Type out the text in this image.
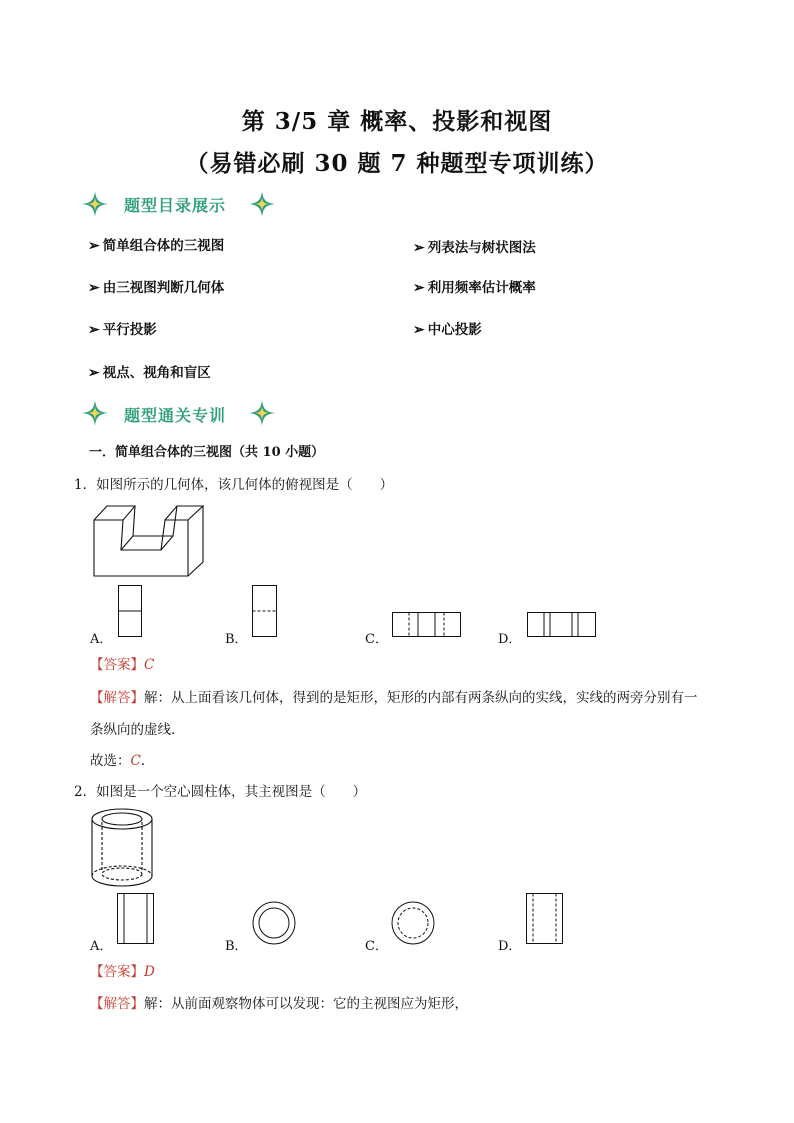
第 3/5 章 概率、投影和视图
（易错必刷 30 题 7 种题型专项训练）
题型目录展示
➢ 简单组合体的三视图	➢ 列表法与树状图法
➢ 由三视图判断几何体	➢ 利用频率估计概率
➢ 平行投影	➢ 中心投影
➢ 视点、视角和盲区
题型通关专训
一．简单组合体的三视图（共 10 小题）
1．如图所示的几何体，该几何体的俯视图是（　　）
A．	B．	C．	D．
【答案】C
【解答】解：从上面看该几何体，得到的是矩形，矩形的内部有两条纵向的实线，实线的两旁分别有一
条纵向的虚线．
故选：C．
2．如图是一个空心圆柱体，其主视图是（　　）
A．	B．	C．	D．
【答案】D
【解答】解：从前面观察物体可以发现：它的主视图应为矩形，
